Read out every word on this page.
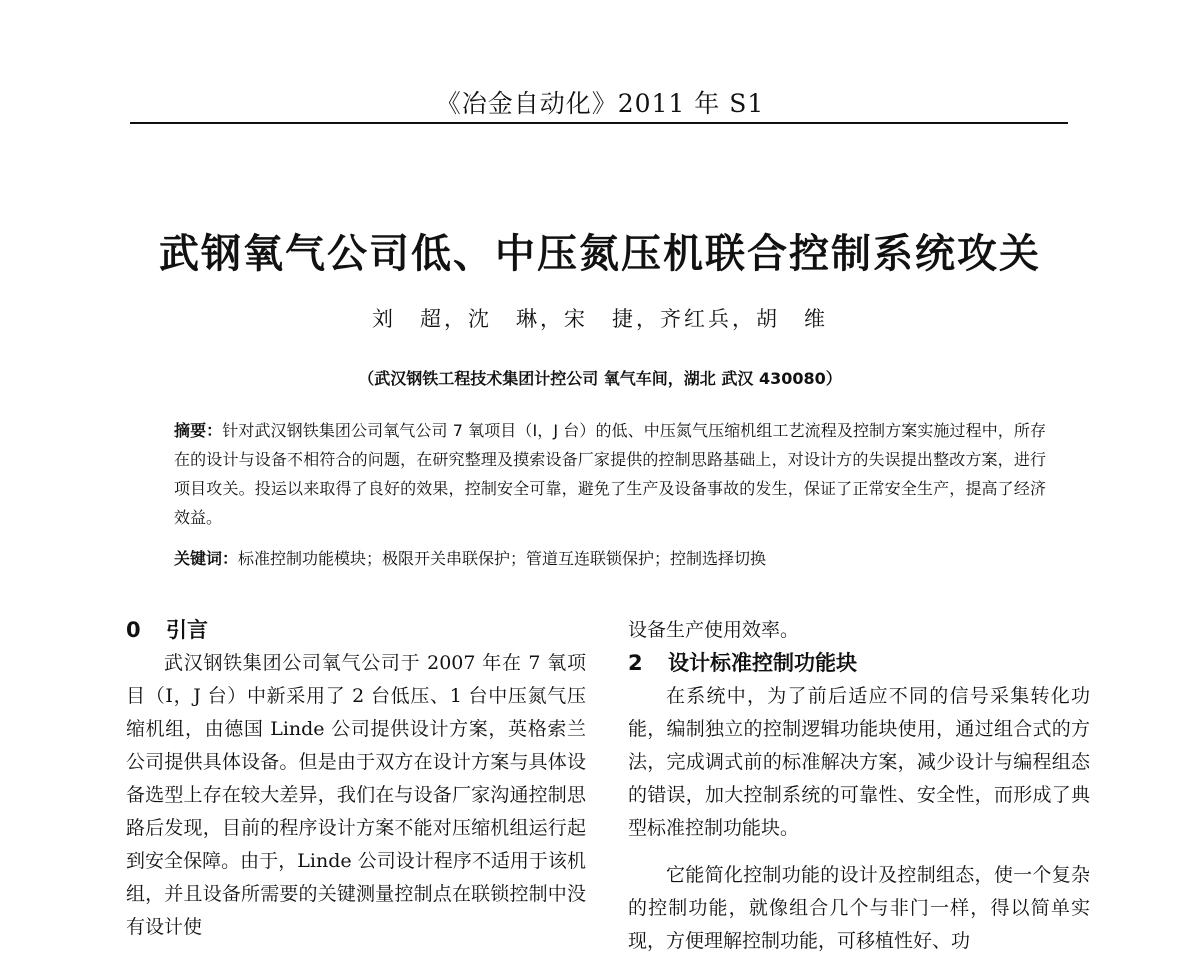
《冶金自动化》2011 年 S1
武钢氧气公司低、中压氮压机联合控制系统攻关
刘　超，沈　琳，宋　捷，齐红兵，胡　维
（武汉钢铁工程技术集团计控公司 氧气车间，湖北 武汉 430080）
摘要：针对武汉钢铁集团公司氧气公司 7 氧项目（I，J 台）的低、中压氮气压缩机组工艺流程及控制方案实施过程中，所存在的设计与设备不相符合的问题，在研究整理及摸索设备厂家提供的控制思路基础上，对设计方的失误提出整改方案，进行项目攻关。投运以来取得了良好的效果，控制安全可靠，避免了生产及设备事故的发生，保证了正常安全生产，提高了经济效益。
关键词：标准控制功能模块；极限开关串联保护；管道互连联锁保护；控制选择切换
0 引言

武汉钢铁集团公司氧气公司于 2007 年在 7 氧项目（I，J 台）中新采用了 2 台低压、1 台中压氮气压缩机组，由德国 Linde 公司提供设计方案，英格索兰公司提供具体设备。但是由于双方在设计方案与具体设备选型上存在较大差异，我们在与设备厂家沟通控制思路后发现，目前的程序设计方案不能对压缩机组运行起到安全保障。由于，Linde 公司设计程序不适用于该机组，并且设备所需要的关键测量控制点在联锁控制中没有设计使

设备生产使用效率。

2 设计标准控制功能块

在系统中，为了前后适应不同的信号采集转化功能，编制独立的控制逻辑功能块使用，通过组合式的方法，完成调式前的标准解决方案，减少设计与编程组态的错误，加大控制系统的可靠性、安全性，而形成了典型标准控制功能块。

它能简化控制功能的设计及控制组态，使一个复杂的控制功能，就像组合几个与非门一样，得以简单实现，方便理解控制功能，可移植性好、功
